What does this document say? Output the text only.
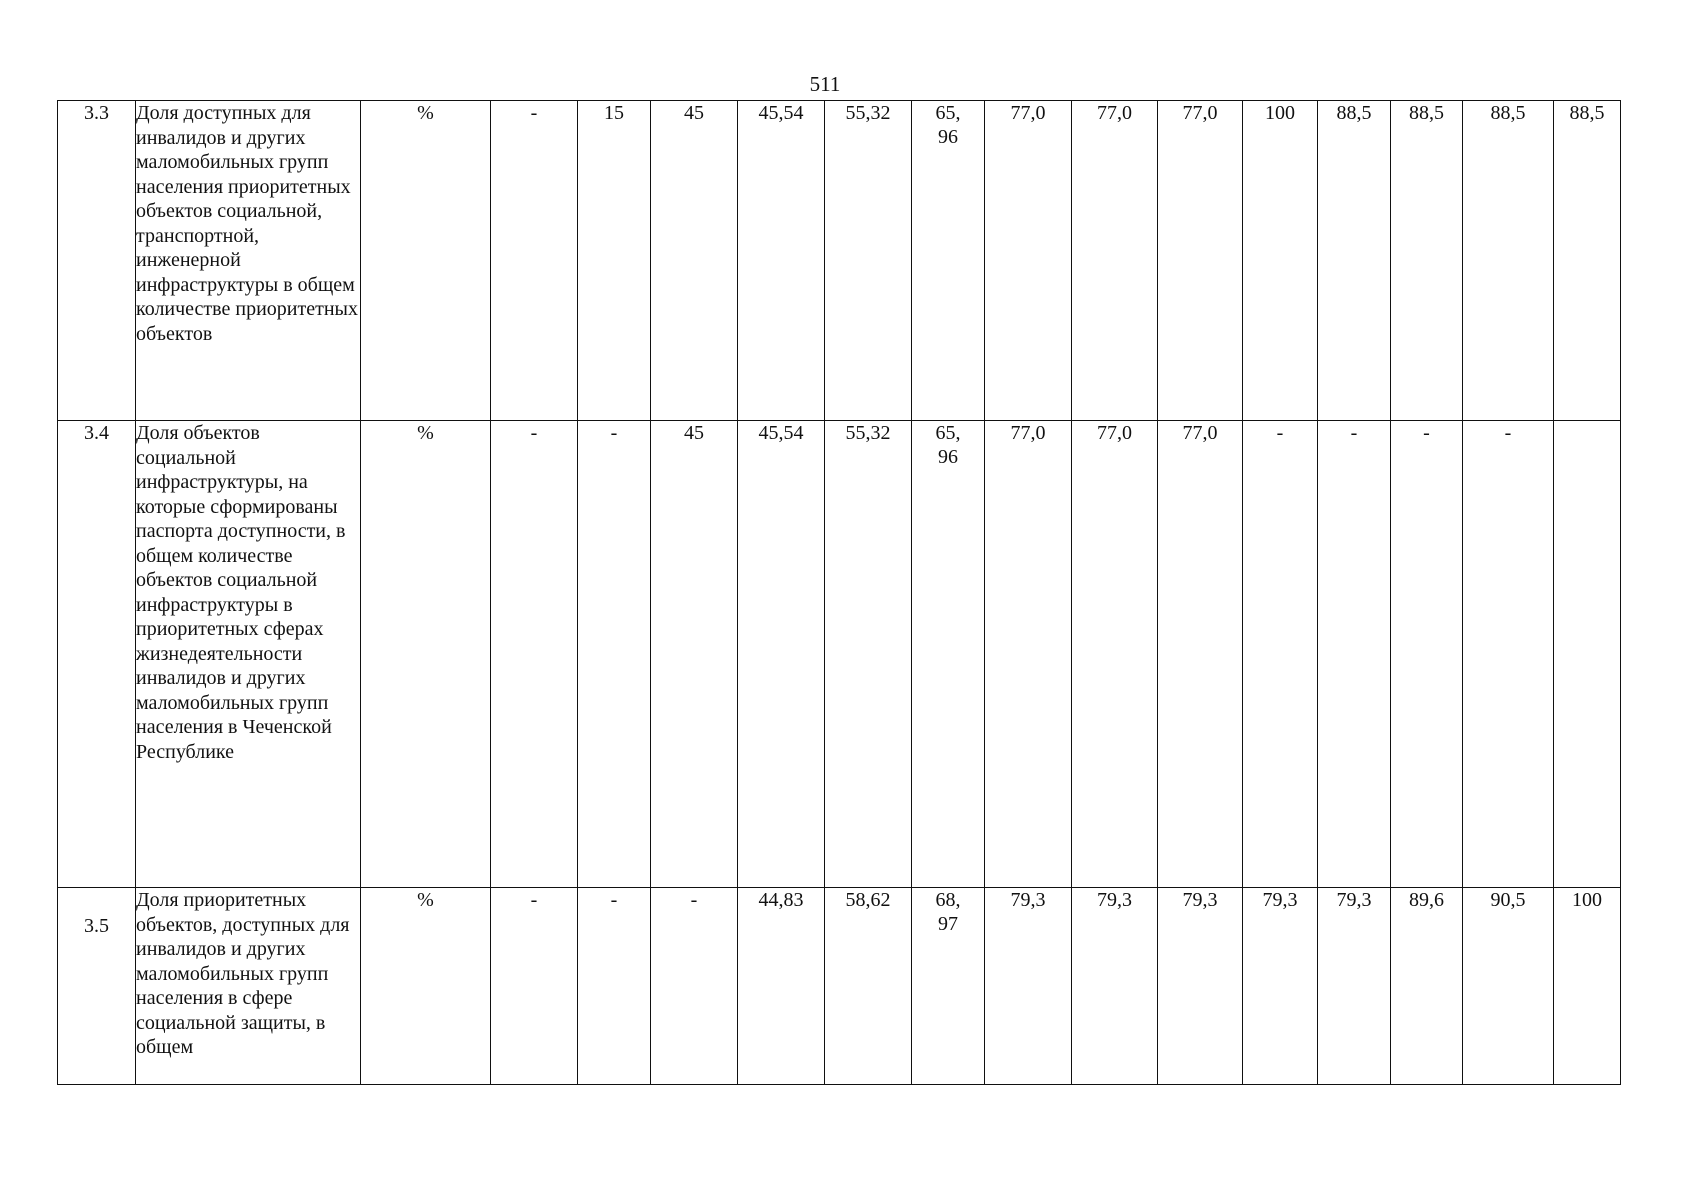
511
3.3	Доля доступных для инвалидов и других маломобильных групп населения приоритетных объектов социальной, транспортной, инженерной инфраструктуры в общем количестве приоритетных объектов	%	-	15	45	45,54	55,32	65,96	77,0	77,0	77,0	100	88,5	88,5	88,5	88,5
3.4	Доля объектов социальной инфраструктуры, на которые сформированы паспорта доступности, в общем количестве объектов социальной инфраструктуры в приоритетных сферах жизнедеятельности инвалидов и других маломобильных групп населения в Чеченской Республике	%	-	-	45	45,54	55,32	65,96	77,0	77,0	77,0	-	-	-	-	
3.5	Доля приоритетных объектов, доступных для инвалидов и других маломобильных групп населения в сфере социальной защиты, в общем	%	-	-	-	44,83	58,62	68,97	79,3	79,3	79,3	79,3	79,3	89,6	90,5	100
